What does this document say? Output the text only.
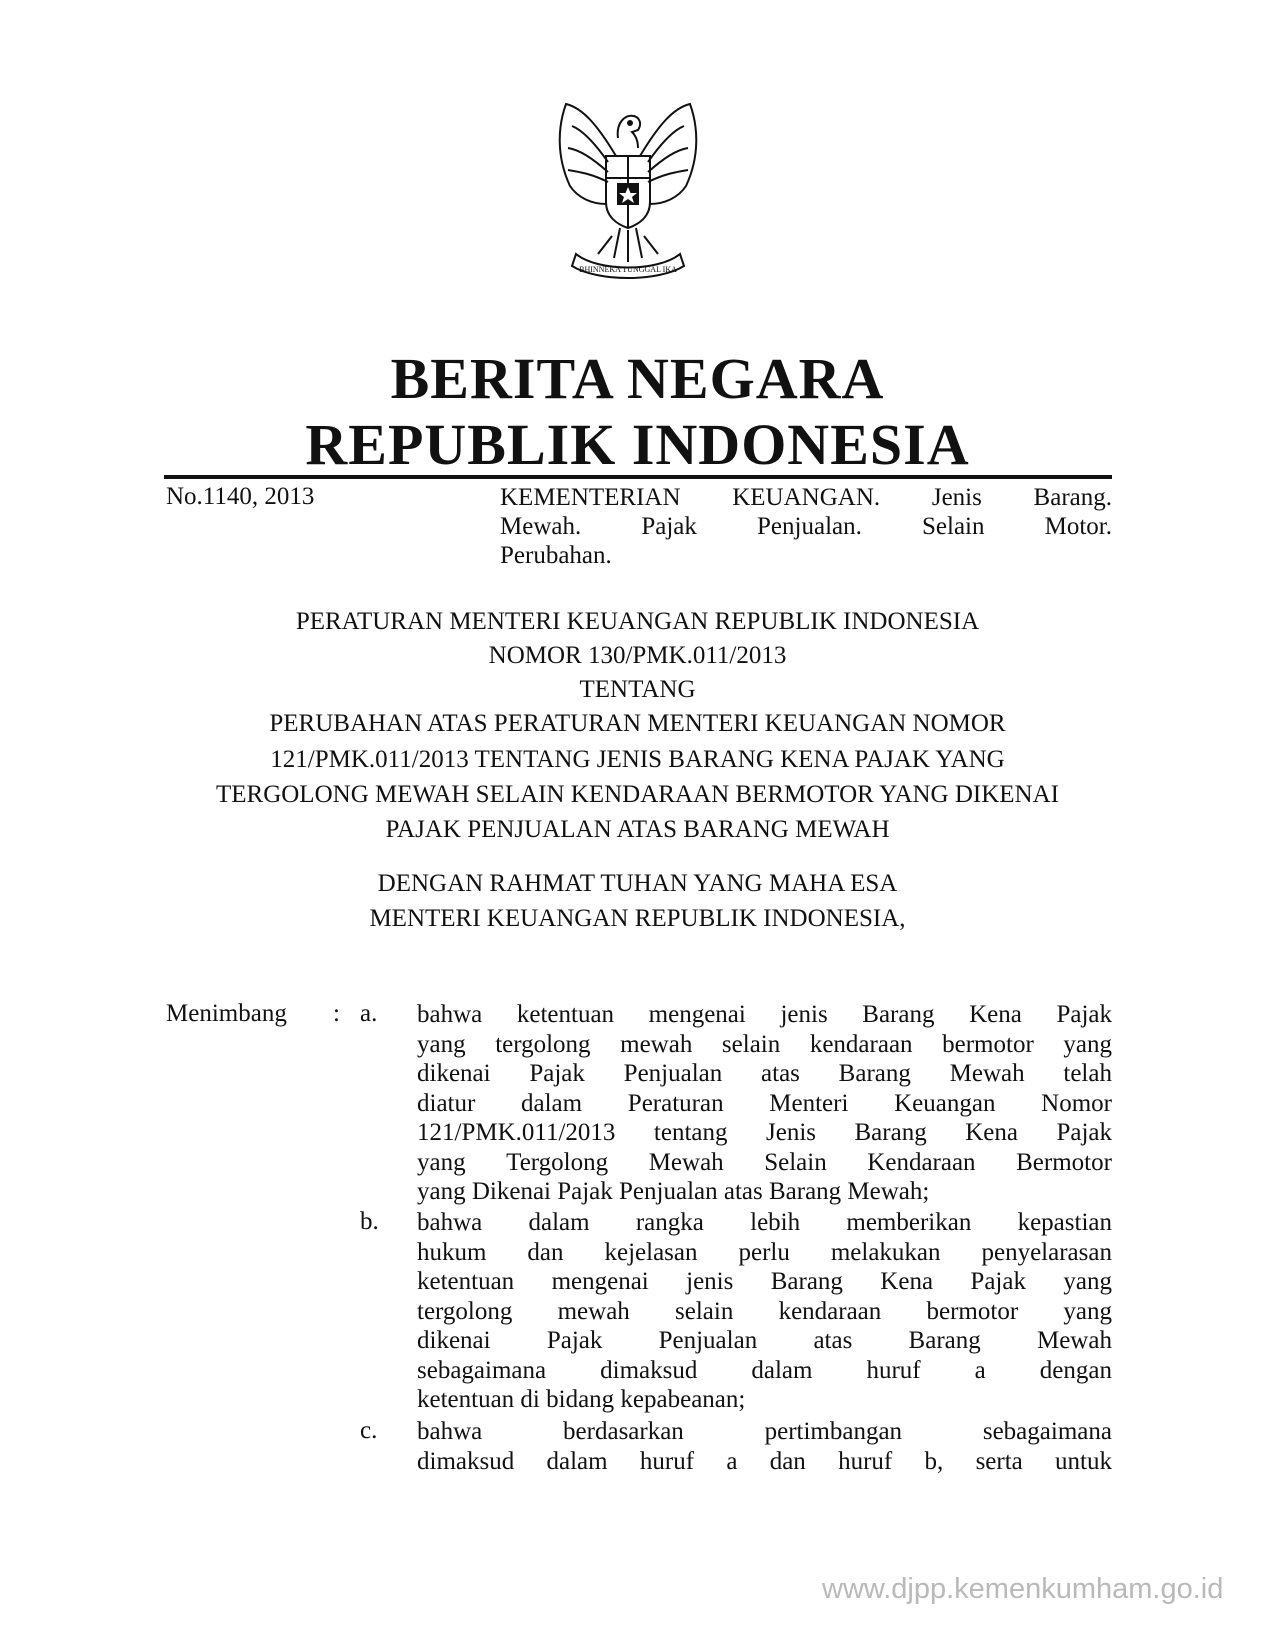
BHINNEKA TUNGGAL IKA
BERITA NEGARA
REPUBLIK INDONESIA
No.1140, 2013	KEMENTERIAN KEUANGAN. Jenis Barang.
Mewah. Pajak Penjualan. Selain Motor.
Perubahan.
PERATURAN MENTERI KEUANGAN REPUBLIK INDONESIA
NOMOR 130/PMK.011/2013
TENTANG
PERUBAHAN ATAS PERATURAN MENTERI KEUANGAN NOMOR
121/PMK.011/2013 TENTANG JENIS BARANG KENA PAJAK YANG
TERGOLONG MEWAH SELAIN KENDARAAN BERMOTOR YANG DIKENAI
PAJAK PENJUALAN ATAS BARANG MEWAH
DENGAN RAHMAT TUHAN YANG MAHA ESA
MENTERI KEUANGAN REPUBLIK INDONESIA,
Menimbang : a. bahwa ketentuan mengenai jenis Barang Kena Pajak
yang tergolong mewah selain kendaraan bermotor yang
dikenai Pajak Penjualan atas Barang Mewah telah
diatur dalam Peraturan Menteri Keuangan Nomor
121/PMK.011/2013 tentang Jenis Barang Kena Pajak
yang Tergolong Mewah Selain Kendaraan Bermotor
yang Dikenai Pajak Penjualan atas Barang Mewah;
b. bahwa dalam rangka lebih memberikan kepastian
hukum dan kejelasan perlu melakukan penyelarasan
ketentuan mengenai jenis Barang Kena Pajak yang
tergolong mewah selain kendaraan bermotor yang
dikenai Pajak Penjualan atas Barang Mewah
sebagaimana dimaksud dalam huruf a dengan
ketentuan di bidang kepabeanan;
c. bahwa	berdasarkan	pertimbangan	sebagaimana
dimaksud dalam huruf a dan huruf b, serta untuk
www.djpp.kemenkumham.go.id
